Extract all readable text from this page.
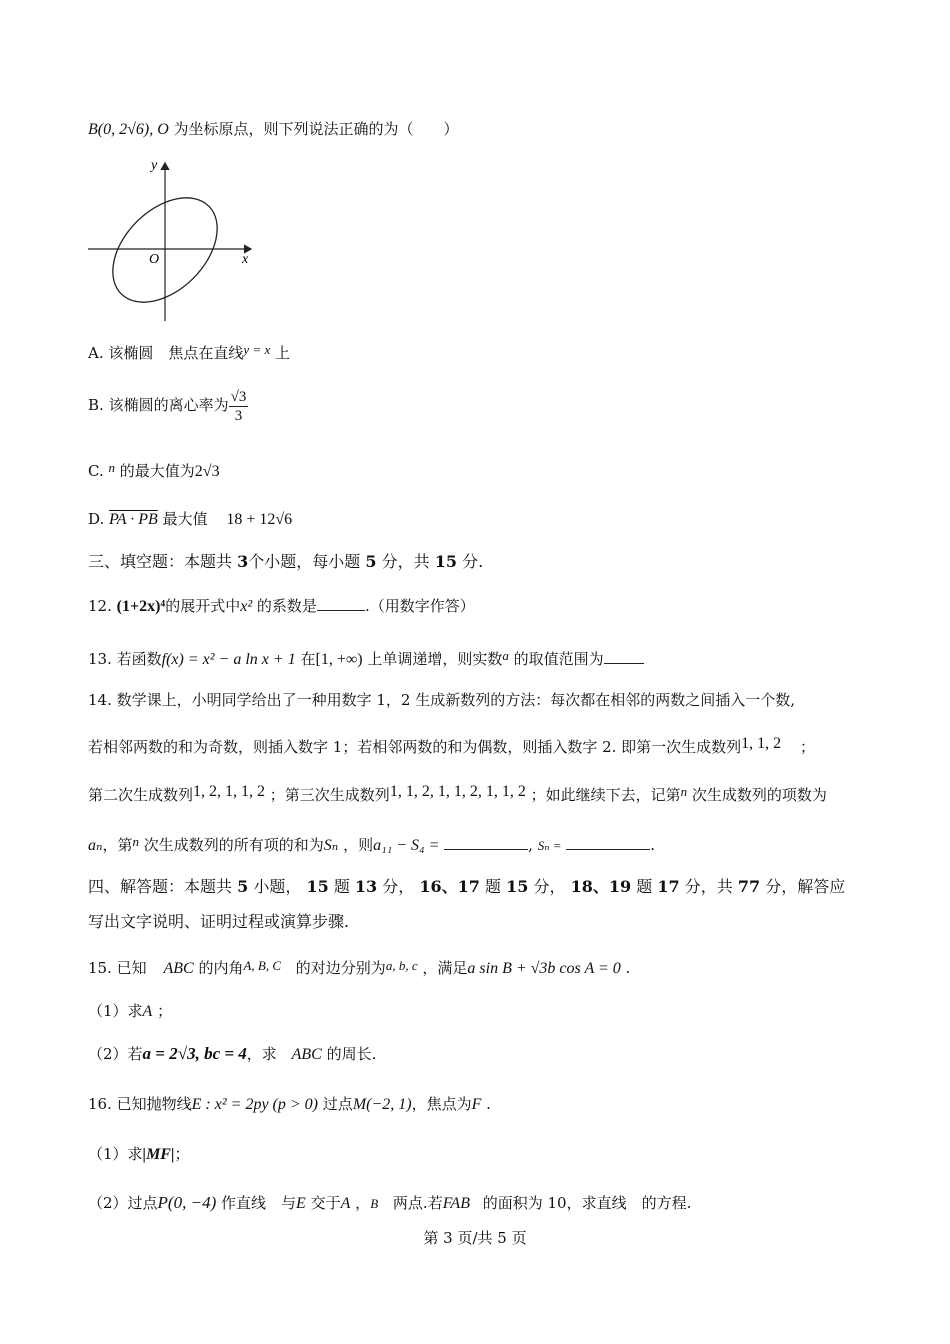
B(0, 2√6), O 为坐标原点，则下列说法正确的为（　　）
y
x
O
A. 该椭圆　焦点在直线y = x 上
B. 该椭圆的离心率为 $\frac{√3}{3}$
C. n 的最大值为2√3
D. PA · PB 最大值 18 + 12√6
三、填空题：本题共 3个小题，每小题 5 分，共 15 分.
12. (1+2x)⁴的展开式中x² 的系数是	.（用数字作答）
13. 若函数f(x) = x² − a ln x + 1 在[1, +∞) 上单调递增，则实数a 的取值范围为
14. 数学课上，小明同学给出了一种用数字 1，2 生成新数列的方法：每次都在相邻的两数之间插入一个数,
若相邻两数的和为奇数，则插入数字 1；若相邻两数的和为偶数，则插入数字 2. 即第一次生成数列1, 1, 2 ；
第二次生成数列1, 2, 1, 1, 2 ；第三次生成数列1, 1, 2, 1, 1, 2, 1, 1, 2 ；如此继续下去，记第n 次生成数列的项数为
aₙ，第n 次生成数列的所有项的和为Sₙ ，则a₁₁ − S₄ =	, Sₙ =	.
四、解答题：本题共 5 小题， 15 题 13 分， 16、17 题 15 分， 18、19 题 17 分，共 77 分，解答应
写出文字说明、证明过程或演算步骤.
15. 已知 ABC 的内角A, B, C 的对边分别为a, b, c ，满足a sin B + √3b cos A = 0 .
（1）求A ；
（2）若a = 2√3, bc = 4，求 ABC 的周长.
16. 已知抛物线E : x² = 2py (p > 0) 过点M(−2, 1)，焦点为F .
（1）求|MF|；
（2）过点P(0, −4) 作直线　与E 交于A ，B 两点.若FAB 的面积为 10，求直线　的方程.
第 3 页/共 5 页
